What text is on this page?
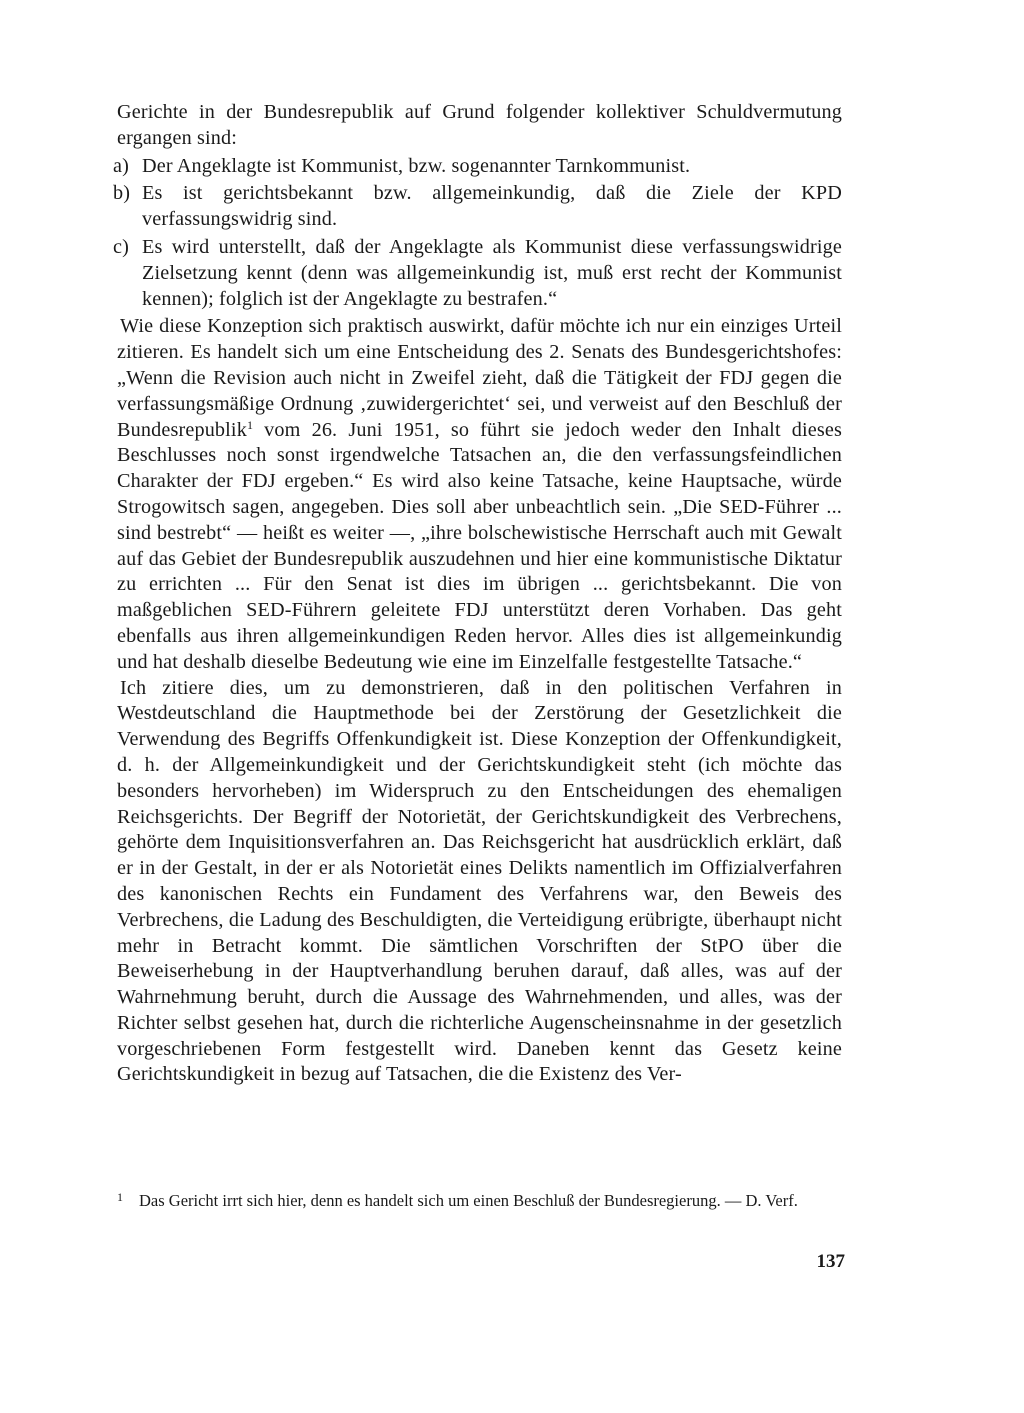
Gerichte in der Bundesrepublik auf Grund folgender kollektiver Schuldvermutung ergangen sind:

a) Der Angeklagte ist Kommunist, bzw. sogenannter Tarnkommunist.
b) Es ist gerichtsbekannt bzw. allgemeinkundig, daß die Ziele der KPD verfassungswidrig sind.
c) Es wird unterstellt, daß der Angeklagte als Kommunist diese verfassungswidrige Zielsetzung kennt (denn was allgemeinkundig ist, muß erst recht der Kommunist kennen); folglich ist der Angeklagte zu bestrafen.“

Wie diese Konzeption sich praktisch auswirkt, dafür möchte ich nur ein einziges Urteil zitieren. Es handelt sich um eine Entscheidung des 2. Senats des Bundesgerichtshofes: „Wenn die Revision auch nicht in Zweifel zieht, daß die Tätigkeit der FDJ gegen die verfassungsmäßige Ordnung ‚zuwidergerichtet‘ sei, und verweist auf den Beschluß der Bundesrepublik$^1$ vom 26. Juni 1951, so führt sie jedoch weder den Inhalt dieses Beschlusses noch sonst irgendwelche Tatsachen an, die den verfassungsfeindlichen Charakter der FDJ ergeben.“ Es wird also keine Tatsache, keine Hauptsache, würde Strogowitsch sagen, angegeben. Dies soll aber unbeachtlich sein. „Die SED-Führer ... sind bestrebt“ — heißt es weiter —, „ihre bolschewistische Herrschaft auch mit Gewalt auf das Gebiet der Bundesrepublik auszudehnen und hier eine kommunistische Diktatur zu errichten ... Für den Senat ist dies im übrigen ... gerichtsbekannt. Die von maßgeblichen SED-Führern geleitete FDJ unterstützt deren Vorhaben. Das geht ebenfalls aus ihren allgemeinkundigen Reden hervor. Alles dies ist allgemeinkundig und hat deshalb dieselbe Bedeutung wie eine im Einzelfalle festgestellte Tatsache.“

Ich zitiere dies, um zu demonstrieren, daß in den politischen Verfahren in Westdeutschland die Hauptmethode bei der Zerstörung der Gesetzlichkeit die Verwendung des Begriffs Offenkundigkeit ist. Diese Konzeption der Offenkundigkeit, d. h. der Allgemeinkundigkeit und der Gerichtskundigkeit steht (ich möchte das besonders hervorheben) im Widerspruch zu den Entscheidungen des ehemaligen Reichsgerichts. Der Begriff der Notorietät, der Gerichtskundigkeit des Verbrechens, gehörte dem Inquisitionsverfahren an. Das Reichsgericht hat ausdrücklich erklärt, daß er in der Gestalt, in der er als Notorietät eines Delikts namentlich im Offizialverfahren des kanonischen Rechts ein Fundament des Verfahrens war, den Beweis des Verbrechens, die Ladung des Beschuldigten, die Verteidigung erübrigte, überhaupt nicht mehr in Betracht kommt. Die sämtlichen Vorschriften der StPO über die Beweiserhebung in der Hauptverhandlung beruhen darauf, daß alles, was auf der Wahrnehmung beruht, durch die Aussage des Wahrnehmenden, und alles, was der Richter selbst gesehen hat, durch die richterliche Augenscheinsnahme in der gesetzlich vorgeschriebenen Form festgestellt wird. Daneben kennt das Gesetz keine Gerichtskundigkeit in bezug auf Tatsachen, die die Existenz des Ver-

1 Das Gericht irrt sich hier, denn es handelt sich um einen Beschluß der Bundesregierung. — D. Verf.
137
